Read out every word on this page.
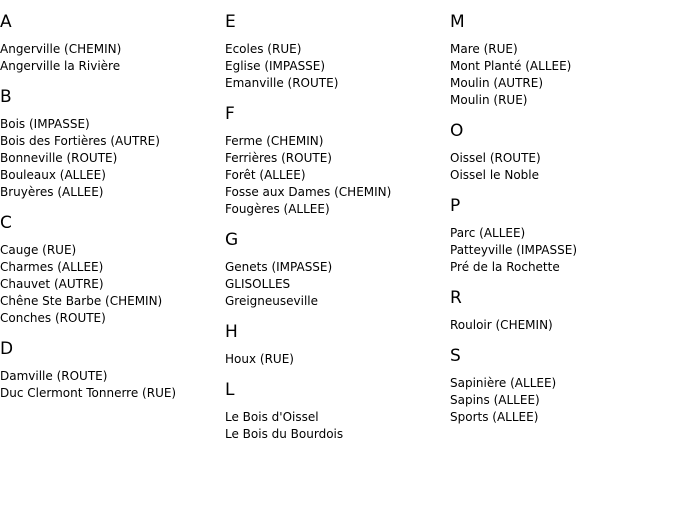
A
Angerville (CHEMIN)
Angerville la Rivière
B
Bois (IMPASSE)
Bois des Fortières (AUTRE)
Bonneville (ROUTE)
Bouleaux (ALLEE)
Bruyères (ALLEE)
C
Cauge (RUE)
Charmes (ALLEE)
Chauvet (AUTRE)
Chêne Ste Barbe (CHEMIN)
Conches (ROUTE)
D
Damville (ROUTE)
Duc Clermont Tonnerre (RUE)
E
Ecoles (RUE)
Eglise (IMPASSE)
Emanville (ROUTE)
F
Ferme (CHEMIN)
Ferrières (ROUTE)
Forêt (ALLEE)
Fosse aux Dames (CHEMIN)
Fougères (ALLEE)
G
Genets (IMPASSE)
GLISOLLES
Greigneuseville
H
Houx (RUE)
L
Le Bois d'Oissel
Le Bois du Bourdois
M
Mare (RUE)
Mont Planté (ALLEE)
Moulin (AUTRE)
Moulin (RUE)
O
Oissel (ROUTE)
Oissel le Noble
P
Parc (ALLEE)
Patteyville (IMPASSE)
Pré de la Rochette
R
Rouloir (CHEMIN)
S
Sapinière (ALLEE)
Sapins (ALLEE)
Sports (ALLEE)
